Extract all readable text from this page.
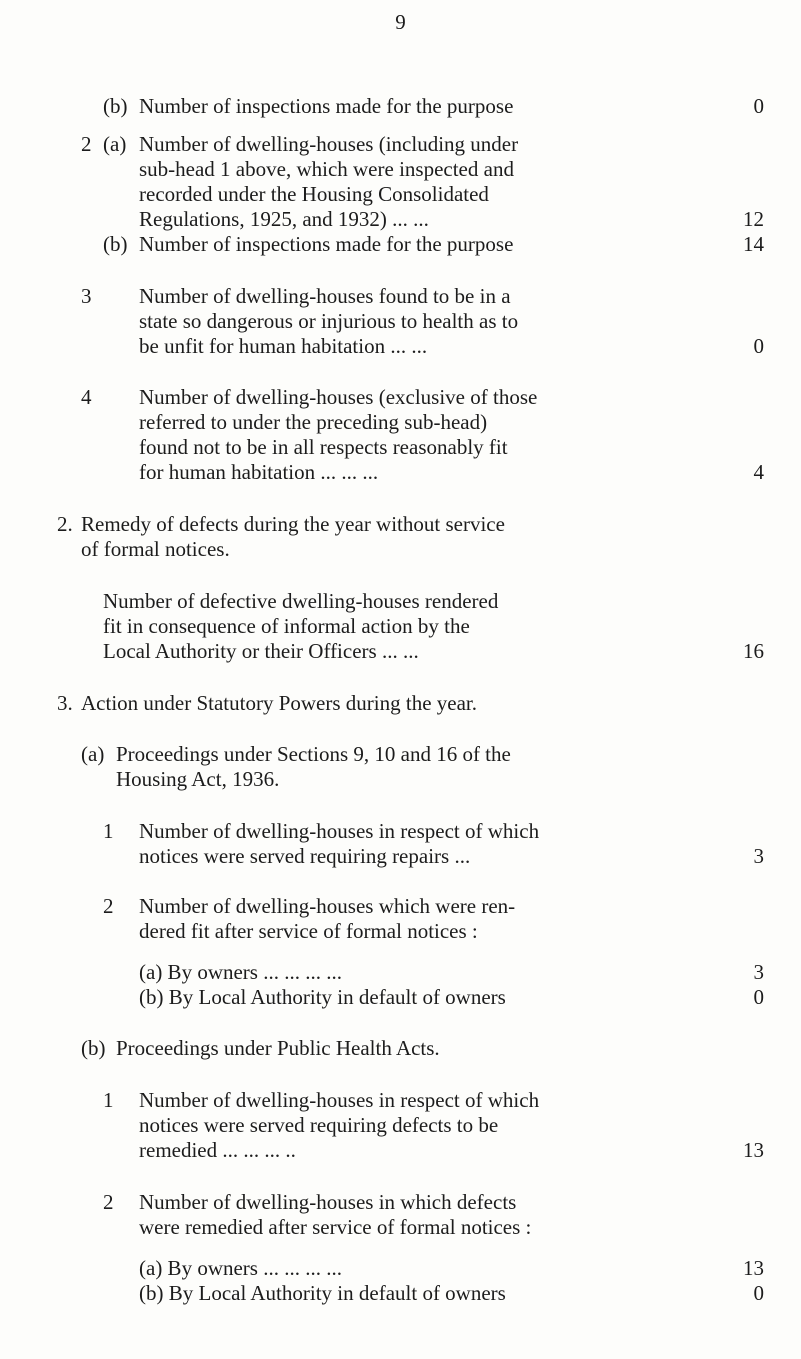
9
(b) Number of inspections made for the purpose	0
2 (a) Number of dwelling-houses (including under
sub-head 1 above, which were inspected and
recorded under the Housing Consolidated
Regulations, 1925, and 1932) ... ...	12
(b) Number of inspections made for the purpose	14
3 Number of dwelling-houses found to be in a
state so dangerous or injurious to health as to
be unfit for human habitation ... ...	0
4 Number of dwelling-houses (exclusive of those
referred to under the preceding sub-head)
found not to be in all respects reasonably fit
for human habitation ... ... ...	4
2. Remedy of defects during the year without service
of formal notices.
Number of defective dwelling-houses rendered
fit in consequence of informal action by the
Local Authority or their Officers ... ...	16
3. Action under Statutory Powers during the year.
(a) Proceedings under Sections 9, 10 and 16 of the
Housing Act, 1936.
1 Number of dwelling-houses in respect of which
notices were served requiring repairs ...	3
2 Number of dwelling-houses which were ren-
dered fit after service of formal notices :
(a) By owners ... ... ... ...	3
(b) By Local Authority in default of owners	0
(b) Proceedings under Public Health Acts.
1 Number of dwelling-houses in respect of which
notices were served requiring defects to be
remedied ... ... ... ..	13
2 Number of dwelling-houses in which defects
were remedied after service of formal notices :
(a) By owners ... ... ... ...	13
(b) By Local Authority in default of owners	0
